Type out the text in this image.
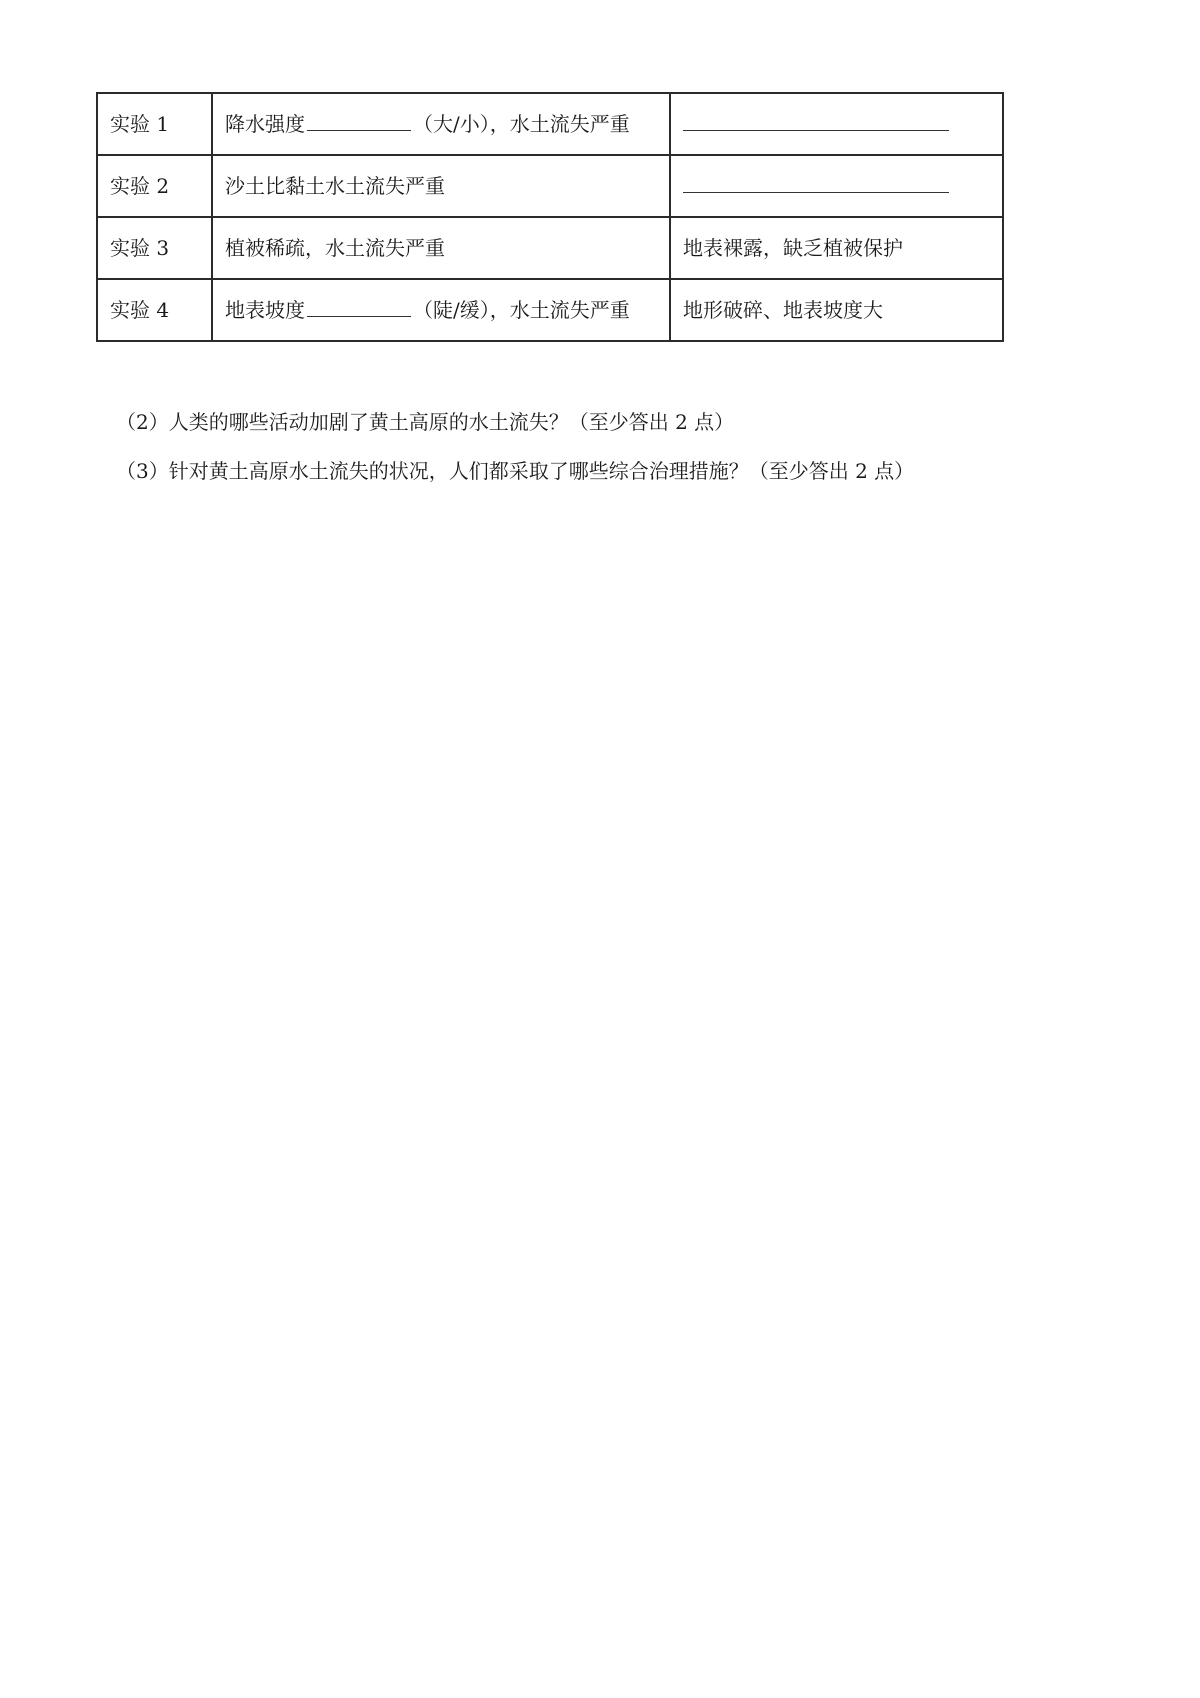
实验 1	降水强度 （大/小），水土流失严重	
实验 2	沙土比黏土水土流失严重	
实验 3	植被稀疏，水土流失严重	地表裸露，缺乏植被保护
实验 4	地表坡度 （陡/缓），水土流失严重	地形破碎、地表坡度大
（2）人类的哪些活动加剧了黄土高原的水土流失？（至少答出 2 点）
（3）针对黄土高原水土流失的状况，人们都采取了哪些综合治理措施？（至少答出 2 点）
